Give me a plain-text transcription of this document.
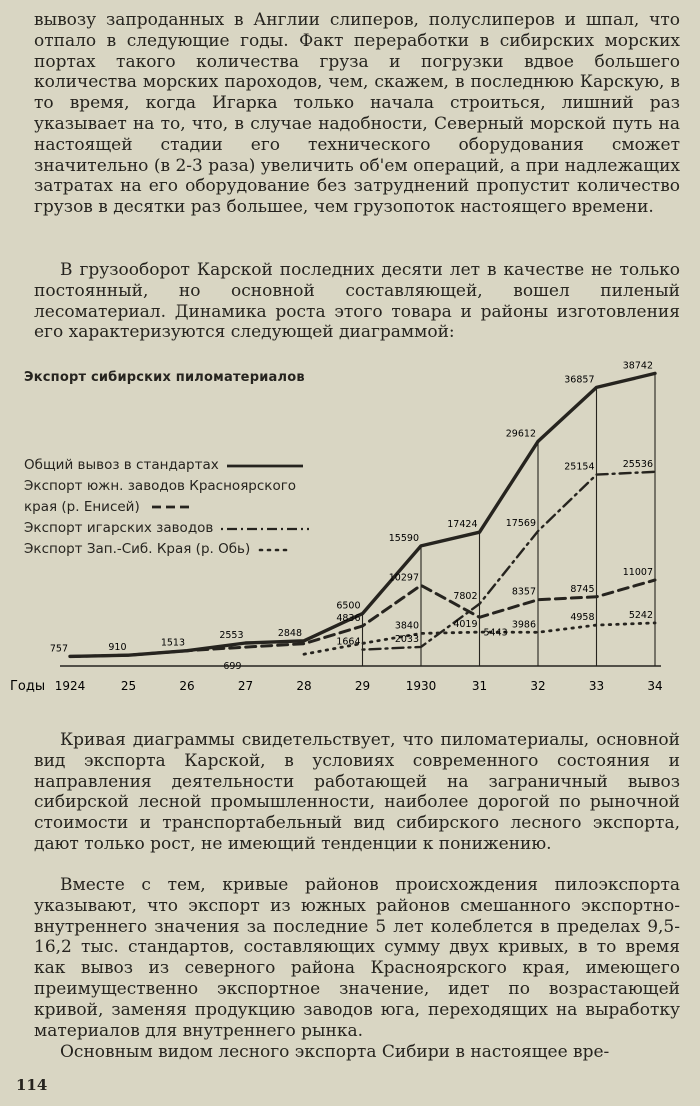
вывозу запроданных в Англии слиперов, полуслиперов и шпал, что отпало в следующие годы. Факт переработки в сибирских морских портах такого количества груза и погрузки вдвое большего количества морских пароходов, чем, скажем, в последнюю Карскую, в то время, когда Игарка только начала строиться, лишний раз указывает на то, что, в случае надобности, Северный морской путь на настоящей стадии его технического оборудования сможет значительно (в 2-3 раза) увеличить об'ем операций, а при надлежащих затратах на его оборудование без затруднений пропустит количество грузов в десятки раз большее, чем грузопоток настоящего времени.
В грузооборот Карской последних десяти лет в качестве не только постоянный, но основной составляющей, вошел пиленый лесоматериал. Динамика роста этого товара и районы изготовления его характеризуются следующей диаграммой:
Экспорт сибирских пиломатериалов
Общий вывоз в стандартах
Экспорт южн. заводов Красноярского края (р. Енисей)
Экспорт игарских заводов
Экспорт Зап.-Сиб. Края (р. Обь)
757	910	1513
2553	2848
6500
15590
17424
29612
36857
38742
4836
10297
8357	8745
11007
1664	2033
7802
17569
25154	25536
3840	4019	3986
4958	5242
699
5443
Годы 1924	25	26	27	28	29	1930	31	32	33	34
Кривая диаграммы свидетельствует, что пиломатериалы, основной вид экспорта Карской, в условиях современного состояния и направления деятельности работающей на заграничный вывоз сибирской лесной промышленности, наиболее дорогой по рыночной стоимости и транспортабельный вид сибирского лесного экспорта, дают только рост, не имеющий тенденции к понижению.
Вместе с тем, кривые районов происхождения пилоэкспорта указывают, что экспорт из южных районов смешанного экспортно-внутреннего значения за последние 5 лет колеблется в пределах 9,5-16,2 тыс. стандартов, составляющих сумму двух кривых, в то время как вывоз из северного района Красноярского края, имеющего преимущественно экспортное значение, идет по возрастающей кривой, заменяя продукцию заводов юга, переходящих на выработку материалов для внутреннего рынка.
Основным видом лесного экспорта Сибири в настоящее вре-
114
